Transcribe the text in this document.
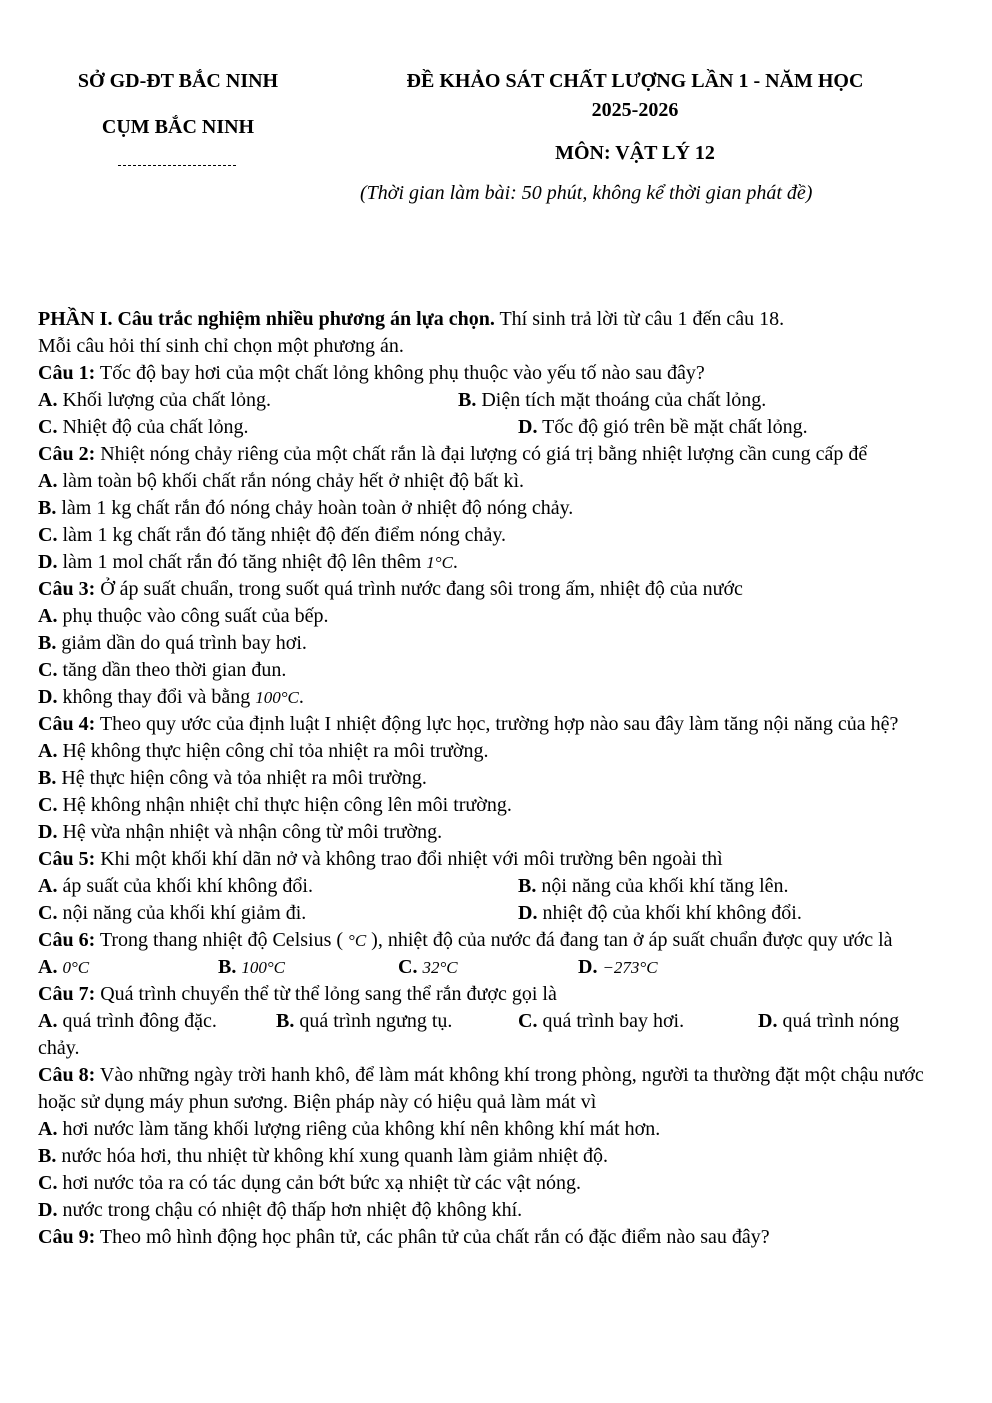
SỞ GD-ĐT BẮC NINH
CỤM BẮC NINH
ĐỀ KHẢO SÁT CHẤT LƯỢNG LẦN 1 - NĂM HỌC
2025-2026
MÔN: VẬT LÝ 12
(Thời gian làm bài: 50 phút, không kể thời gian phát đề)

PHẦN I. Câu trắc nghiệm nhiều phương án lựa chọn. Thí sinh trả lời từ câu 1 đến câu 18.

Mỗi câu hỏi thí sinh chỉ chọn một phương án.

Câu 1: Tốc độ bay hơi của một chất lỏng không phụ thuộc vào yếu tố nào sau đây?

A. Khối lượng của chất lỏng.	B. Diện tích mặt thoáng của chất lỏng.
C. Nhiệt độ của chất lỏng.	D. Tốc độ gió trên bề mặt chất lỏng.

Câu 2: Nhiệt nóng chảy riêng của một chất rắn là đại lượng có giá trị bằng nhiệt lượng cần cung cấp để

A. làm toàn bộ khối chất rắn nóng chảy hết ở nhiệt độ bất kì.

B. làm 1 kg chất rắn đó nóng chảy hoàn toàn ở nhiệt độ nóng chảy.

C. làm 1 kg chất rắn đó tăng nhiệt độ đến điểm nóng chảy.

D. làm 1 mol chất rắn đó tăng nhiệt độ lên thêm 1°C.

Câu 3: Ở áp suất chuẩn, trong suốt quá trình nước đang sôi trong ấm, nhiệt độ của nước

A. phụ thuộc vào công suất của bếp.

B. giảm dần do quá trình bay hơi.

C. tăng dần theo thời gian đun.

D. không thay đổi và bằng 100°C.

Câu 4: Theo quy ước của định luật I nhiệt động lực học, trường hợp nào sau đây làm tăng nội năng của hệ?

A. Hệ không thực hiện công chỉ tỏa nhiệt ra môi trường.

B. Hệ thực hiện công và tỏa nhiệt ra môi trường.

C. Hệ không nhận nhiệt chỉ thực hiện công lên môi trường.

D. Hệ vừa nhận nhiệt và nhận công từ môi trường.

Câu 5: Khi một khối khí dãn nở và không trao đổi nhiệt với môi trường bên ngoài thì

A. áp suất của khối khí không đổi.	B. nội năng của khối khí tăng lên.
C. nội năng của khối khí giảm đi.	D. nhiệt độ của khối khí không đổi.

Câu 6: Trong thang nhiệt độ Celsius ( °C ), nhiệt độ của nước đá đang tan ở áp suất chuẩn được quy ước là

A. 0°C	B. 100°C	C. 32°C	D. −273°C

Câu 7: Quá trình chuyển thể từ thể lỏng sang thể rắn được gọi là

A. quá trình đông đặc.	B. quá trình ngưng tụ.	C. quá trình bay hơi.	D. quá trình nóng

chảy.

Câu 8: Vào những ngày trời hanh khô, để làm mát không khí trong phòng, người ta thường đặt một chậu nước hoặc sử dụng máy phun sương. Biện pháp này có hiệu quả làm mát vì

A. hơi nước làm tăng khối lượng riêng của không khí nên không khí mát hơn.

B. nước hóa hơi, thu nhiệt từ không khí xung quanh làm giảm nhiệt độ.

C. hơi nước tỏa ra có tác dụng cản bớt bức xạ nhiệt từ các vật nóng.

D. nước trong chậu có nhiệt độ thấp hơn nhiệt độ không khí.

Câu 9: Theo mô hình động học phân tử, các phân tử của chất rắn có đặc điểm nào sau đây?
